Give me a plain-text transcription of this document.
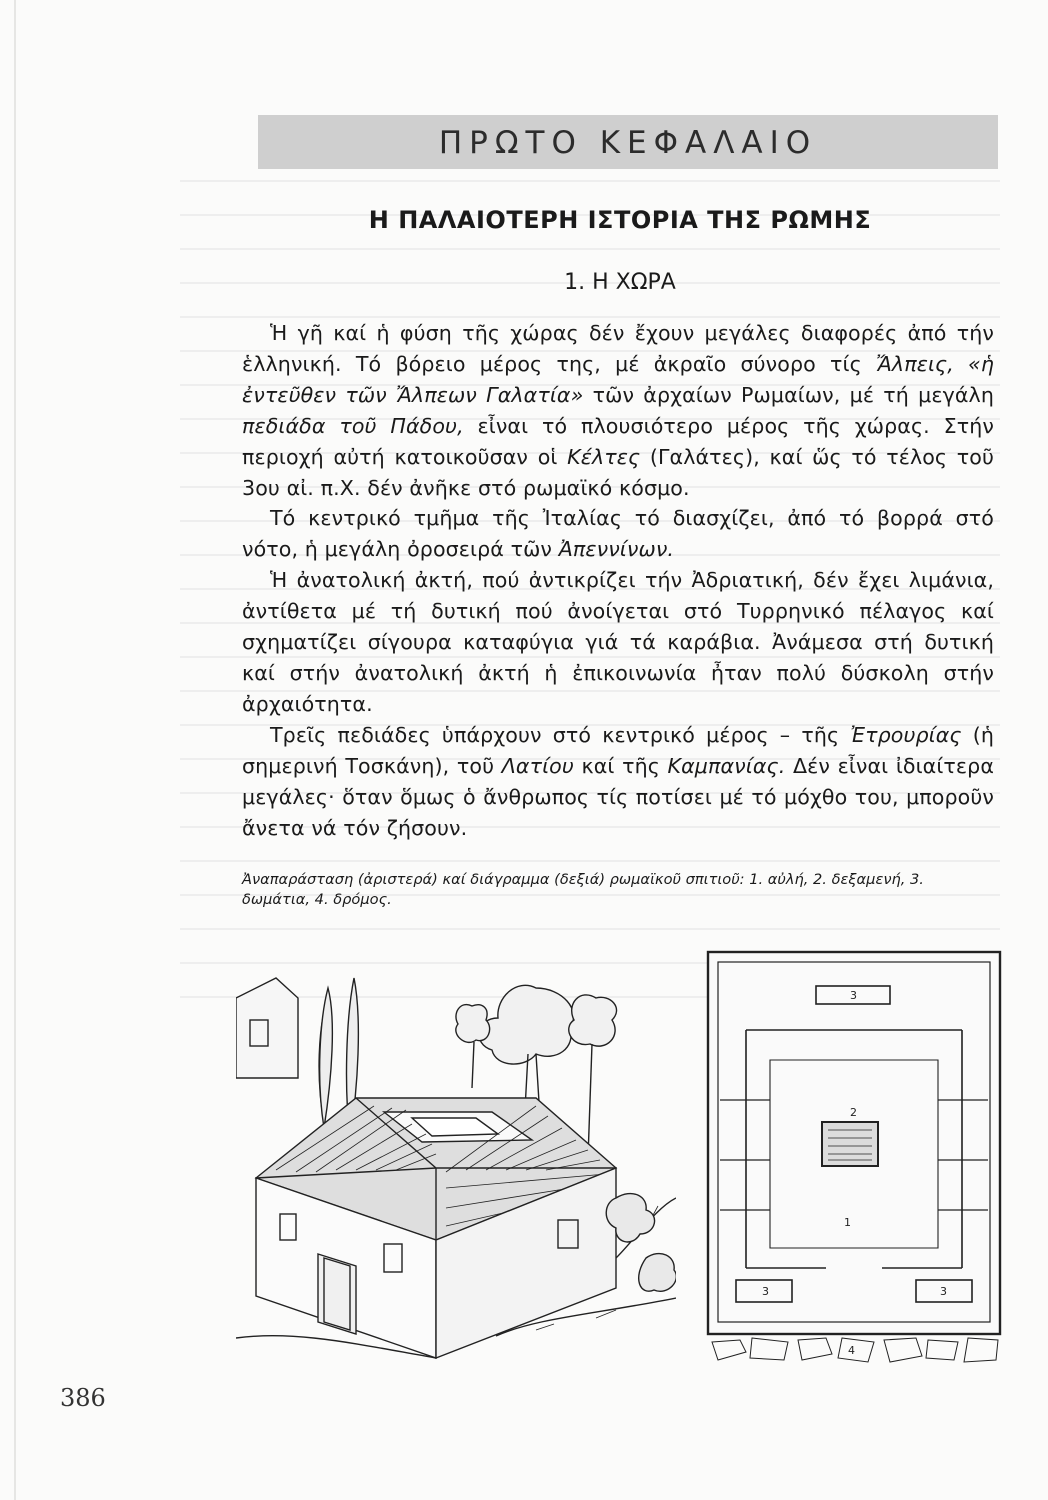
ΠΡΩΤΟ ΚΕΦΑΛΑΙΟ
Η ΠΑΛΑΙΟΤΕΡΗ ΙΣΤΟΡΙΑ ΤΗΣ ΡΩΜΗΣ
1. Η ΧΩΡΑ

Ἡ γῆ καί ἡ φύση τῆς χώρας δέν ἔχουν μεγάλες διαφορές ἀπό τήν ἑλληνική. Τό βόρειο μέρος της, μέ ἀκραῖο σύνορο τίς Ἄλπεις, «ἡ ἐντεῦθεν τῶν Ἄλπεων Γαλατία» τῶν ἀρχαίων Ρωμαίων, μέ τή μεγάλη πεδιάδα τοῦ Πάδου, εἶναι τό πλουσιότερο μέρος τῆς χώρας. Στήν περιοχή αὐτή κατοικοῦσαν οἱ Κέλτες (Γαλάτες), καί ὥς τό τέλος τοῦ 3ου αἰ. π.Χ. δέν ἀνῆκε στό ρωμαϊκό κόσμο.

Τό κεντρικό τμῆμα τῆς Ἰταλίας τό διασχίζει, ἀπό τό βορρά στό νότο, ἡ μεγάλη ὀροσειρά τῶν Ἀπεννίνων.

Ἡ ἀνατολική ἀκτή, πού ἀντικρίζει τήν Ἀδριατική, δέν ἔχει λιμάνια, ἀντίθετα μέ τή δυτική πού ἀνοίγεται στό Τυρρηνικό πέλαγος καί σχηματίζει σίγουρα καταφύγια γιά τά καράβια. Ἀνάμεσα στή δυτική καί στήν ἀνατολική ἀκτή ἡ ἐπικοινωνία ἦταν πολύ δύσκολη στήν ἀρχαιότητα.

Τρεῖς πεδιάδες ὑπάρχουν στό κεντρικό μέρος – τῆς Ἐτρουρίας (ἡ σημερινή Τοσκάνη), τοῦ Λατίου καί τῆς Καμπανίας. Δέν εἶναι ἰδιαίτερα μεγάλες· ὅταν ὅμως ὁ ἄνθρωπος τίς ποτίσει μέ τό μόχθο του, μποροῦν ἄνετα νά τόν ζήσουν.

Ἀναπαράσταση (ἀριστερά) καί διάγραμμα (δεξιά) ρωμαϊκοῦ σπιτιοῦ: 1. αὐλή, 2. δεξαμενή, 3. δωμάτια, 4. δρόμος.
3
2
1
3	3
4
386
